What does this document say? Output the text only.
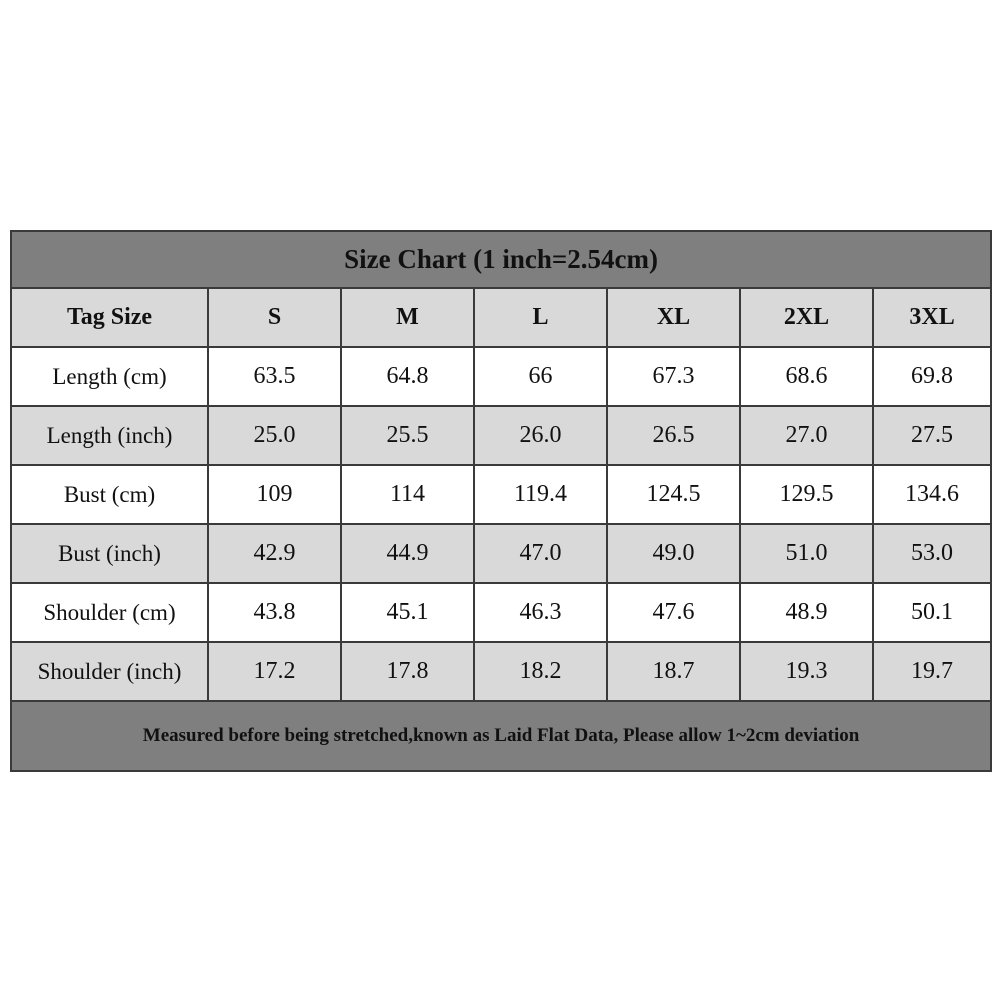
Size Chart (1 inch=2.54cm)						
Tag Size	S	M	L	XL	2XL	3XL
Length (cm)	63.5	64.8	66	67.3	68.6	69.8
Length (inch)	25.0	25.5	26.0	26.5	27.0	27.5
Bust (cm)	109	114	119.4	124.5	129.5	134.6
Bust (inch)	42.9	44.9	47.0	49.0	51.0	53.0
Shoulder (cm)	43.8	45.1	46.3	47.6	48.9	50.1
Shoulder (inch)	17.2	17.8	18.2	18.7	19.3	19.7
Measured before being stretched,known as Laid Flat Data, Please allow 1~2cm deviation						
